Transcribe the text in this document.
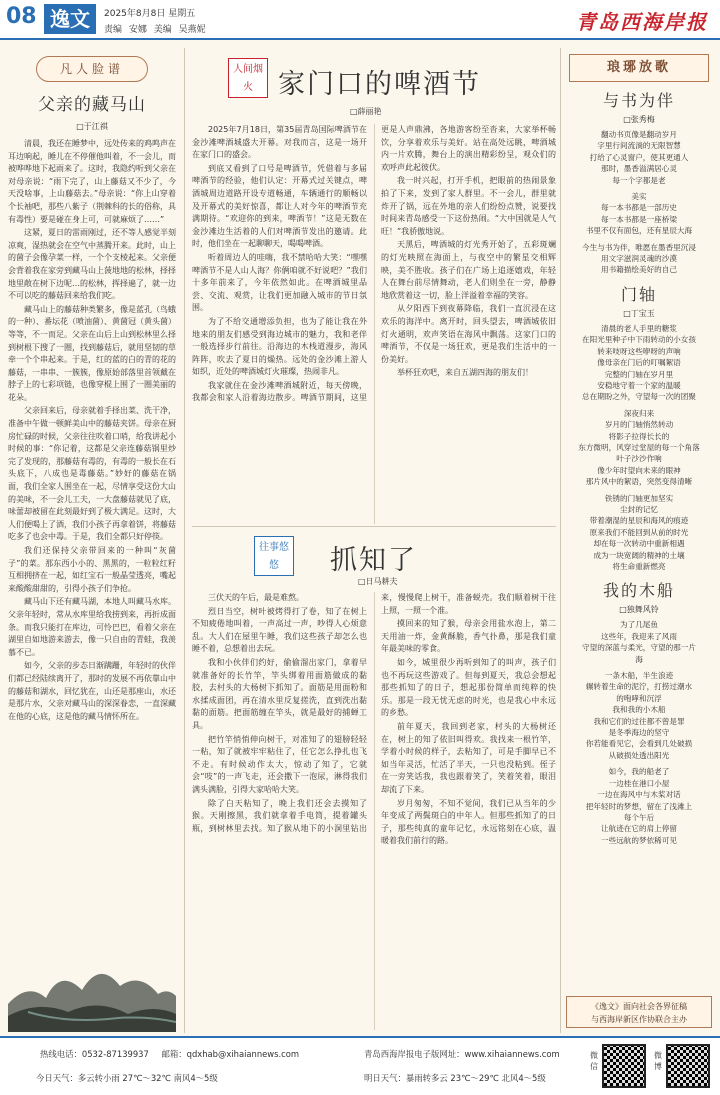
08 逸文	2025年8月8日 星期五
责编 安娜 美编 吴燕妮	青岛西海岸报
凡人脸谱
父亲的藏马山
□于江祺

清晨，我还在睡梦中，远处传来的鸡鸣声在耳边响起，睡儿在不停催他叫着，不一会儿，而被哗哗地下起雨来了。这时，我隐约听到父亲在对母亲说：“雨下完了，山上藤菇又不少了，今天没啥事，上山藤菇去。”母亲说：“你上山穿着个长袖吧，那些八紫子（荆棘科的长的俗称，具有毒性）要是碰在身上可，可就麻烦了……”

这紧，夏日的雷雨刚过，还不等人感觉半刻凉爽，湿热就会在空气中蒸腾开来。此时，山上的菌子会像孕菜一样，一个个支棱起来。父亲便会背着我在家旁到藏马山上菠地地的松林，择择地里敞在树下边呢…的松林，挥择遍了，就一边不可以吃的藤菇回来给我们吃。

藏马山上的藤菇种类繁多，像是蓝孔（鸟蛾的一种）、番坛花（喷油菌）、黄菌冠（黄头菌）等等，不一而足。父亲在山后上山到松林里么择到树根下搜了一圈，找到藤菇后，就用坚韧的草牵一个个串起来。于是，红的蓝的白的青的花的藤菇，一串串、一簇簇，像原始部落里首领戴在脖子上的七彩项链，也像穿棍上围了一圈美丽的花朵。

父亲回来后，母亲就着手择出菜、洗干净，准备中午做一顿鲜美山中的藤菇夹饼。母亲在厨房忙碌的时候，父亲往往吹着口哨，给我讲起小时候的事：“你记着，这都是父亲连藤菇锅里炒完了发现的，那藤菇有毒的，有毒的一般长在石头底下，八成也是毒藤菇。”妙好的藤菇在锅面，我们全家人围坐在一起，尽情享受这份大山的美味，不一会儿工夫，一大盘藤菇就见了底，味蕾却被留在此刻最好到了极大满足。这时，大人们便喝上了酒，我们小孩子再拿着饼，将藤菇吃多了也会中毒。于是，我们全都只好停筷。

我们还保持父亲带回来的一种叫“灰菌子”的菜。那东西小小的、黑黑的，一粒粒红籽互相拥挤在一起，如红宝石一般晶莹透亮，嘴起来酸酸甜甜的，引得小孩子们争抢。

藏马山下还有藏马湖，本地人叫藏马水库。父亲年轻时，常从水库里给我捞到来，再折成面条。而我只能打在库边，可怜巴巴，看着父亲在湖里自如地游来游去，像一只自由的青蛙，我羡慕不已。

如今，父亲的步态日渐蹒跚，年轻时的伙伴们都已经陆续离开了，那时的发展不再依靠山中的藤菇和湖水，回忆犹在，山还是那座山，水还是那片水，父亲对藏马山的深深眷恋，一直深藏在他的心底，这是他的藏马情怀所在。

人间烟火 家门口的啤酒节
□薛丽艳

2025年7月18日，第35届青岛国际啤酒节在金沙滩啤酒城盛大开幕。对我而言，这是一场开在家门口的盛会。

到底又看到了口号是啤酒节，凭借着与多届啤酒节的经验，他们认定：开幕式过关键点，啤酒城周边道路开设专道畅通，车辆通行的顺畅以及开幕式的美好惊喜，都让人对今年的啤酒节充满期待。“欢迎你的到来，啤酒节！”这是无数在金沙滩边生活着的人们对啤酒节发出的邀请。此时，他们坐在一起聊聊天，喝喝啤酒。

听着周边人的哇嗨，我不禁哈哈大笑：“嘿嘿啤酒节不是人山人海？你俩咱就不好说吧？”我们十多年前来了，今年依然如此。在啤酒城里品尝、交流、观赏，让我们更加融入城市的节日氛围。

为了不给交通增添负担，也为了能让我在外地来的朋友们感受到海边城市的魅力，我和老伴一般选择步行前往。沿海边的木栈道漫步，海风阵阵，吹去了夏日的燥热。远处的金沙滩上游人如织，近处的啤酒城灯火璀璨，热闹非凡。

我家就住在金沙滩啤酒城附近，每天傍晚，我都会和家人沿着海边散步。啤酒节期间，这里更是人声鼎沸，各地游客纷至沓来，大家举杯畅饮，分享着欢乐与美好。站在高处远眺，啤酒城内一片欢腾，舞台上的演出精彩纷呈，观众们的欢呼声此起彼伏。

我一时兴起，打开手机，把眼前的热闹景象拍了下来，发到了家人群里。不一会儿，群里就炸开了锅，远在外地的亲人们纷纷点赞，说要找时间来青岛感受一下这份热闹。“大中国就是人气旺！”我骄傲地说。

天黑后，啤酒城的灯光秀开始了，五彩斑斓的灯光映照在海面上，与夜空中的繁星交相辉映，美不胜收。孩子们在广场上追逐嬉戏，年轻人在舞台前尽情舞动，老人们则坐在一旁，静静地欣赏着这一切，脸上洋溢着幸福的笑容。

从夕阳西下到夜幕降临，我们一直沉浸在这欢乐的海洋中。离开时，回头望去，啤酒城依旧灯火通明，欢声笑语在海风中飘荡。这家门口的啤酒节，不仅是一场狂欢，更是我们生活中的一份美好。

举杯狂欢吧，来自五湖四海的朋友们！

往事悠悠	抓知了
□日马耕夫

三伏天的午后，最是难熬。

烈日当空，树叶被烤得打了卷，知了在树上不知疲倦地叫着，一声高过一声，吵得人心烦意乱。大人们在屋里午睡，我们这些孩子却怎么也睡不着，总想着出去玩。

我和小伙伴们约好，偷偷溜出家门，拿着早就准备好的长竹竿，竿头绑着用面筋做成的黏胶，去村头的大杨树下抓知了。面筋是用面粉和水揉成面团，再在清水里反复搓洗，直到洗出黏黏的面筋。把面筋缠在竿头，就是最好的捕蝉工具。

把竹竿悄悄伸向树干，对准知了的翅膀轻轻一粘，知了就被牢牢粘住了，任它怎么挣扎也飞不走。有时候动作太大，惊动了知了，它就会“吱”的一声飞走，还会撒下一泡尿，淋得我们满头满脸，引得大家哈哈大笑。

除了白天粘知了，晚上我们还会去摸知了猴。天刚擦黑，我们就拿着手电筒，提着罐头瓶，到树林里去找。知了猴从地下的小洞里钻出来，慢慢爬上树干，准备蜕壳。我们顺着树干往上照，一照一个准。

摸回来的知了猴，母亲会用盐水泡上，第二天用油一炸，金黄酥脆，香气扑鼻，那是我们童年最美味的零食。

如今，城里很少再听到知了的叫声，孩子们也不再玩这些游戏了。但每到夏天，我总会想起那些抓知了的日子，想起那份简单而纯粹的快乐。那是一段无忧无虑的时光，也是我心中永远的乡愁。

前年夏天，我回到老家，村头的大杨树还在，树上的知了依旧叫得欢。我找来一根竹竿，学着小时候的样子，去粘知了，可是手脚早已不如当年灵活，忙活了半天，一只也没粘到。侄子在一旁笑话我，我也跟着笑了，笑着笑着，眼泪却流了下来。

岁月匆匆，不知不觉间，我们已从当年的少年变成了两鬓斑白的中年人。但那些抓知了的日子，那些纯真的童年记忆，永远铭刻在心底，温暖着我们前行的路。

琅琊放歌
与书为伴
□张秀梅
翻动书页像是翻动岁月
字里行间流淌的无限智慧
打给了心灵窗户，使其更通人
那时，墨香溢满居心灵
每一个字都是老
美实
每一本书都是一部历史
每一本书都是一座桥梁
书里不仅有面包，还有星辰大海
今生与书为伴，唯愿在墨香里沉浸
用文字滋润灵魂的沙漠
用书籍描绘美好的自己
门轴
□丁宝玉
清晨的老人手里的糖浆
在阳光里种子中下雨转动的小女孩
转来吱呀这些咿呀的声响
像母亲在门后的叮嘱絮语
完整的门轴在岁月里
安稳地守着一个家的温暖
总在期盼之外，守望每一次的团聚
深夜归来
岁月的门轴悄然转动
将影子拉得长长的
东方微明，风穿过堂屋的每一个角落
叶子沙沙作响
像少年时望向未来的眼神
那片风中的絮语，突然变得清晰
铁锈的门轴更加坚实
尘封的记忆
带着潮湿的星辰和海风的痕迹
原来我们不能回到从前的时光
却在每一次转动中重新相遇
成为一块宽阔的精神的土壤
将生命重新燃亮
我的木船
□独舞风铃
为了几尾鱼
这些年，我迎来了风雨
守望的深蓝与柔光，守望的那一片
海
一条木船，半生浪迹
辗转着生命的泥泞，打捞过潮水
的咆哮和沉浮
我和我的小木船
我和它们的过往都不曾是罪
是冬季海边的坚守
你若能看见它，会看到几处破损
从破损处透出阳光
如今，我的船老了
一边桂在港口小屋
一边在海风中与木桨对话
把年轻时的梦想，留在了浅滩上
每个午后
让航迹在它的肩上停留
一些远航的梦依稀可见
《逸文》面向社会各界征稿
与西海岸新区作协联合主办
热线电话：0532-87139937 邮箱：qdxhab@xihaiannews.com
今日天气：多云转小雨 27℃～32℃ 南风4～5级
青岛西海岸报电子版网址：www.xihaiannews.com
明日天气：暴雨转多云 23℃～29℃ 北风4～5级
微信
微博
